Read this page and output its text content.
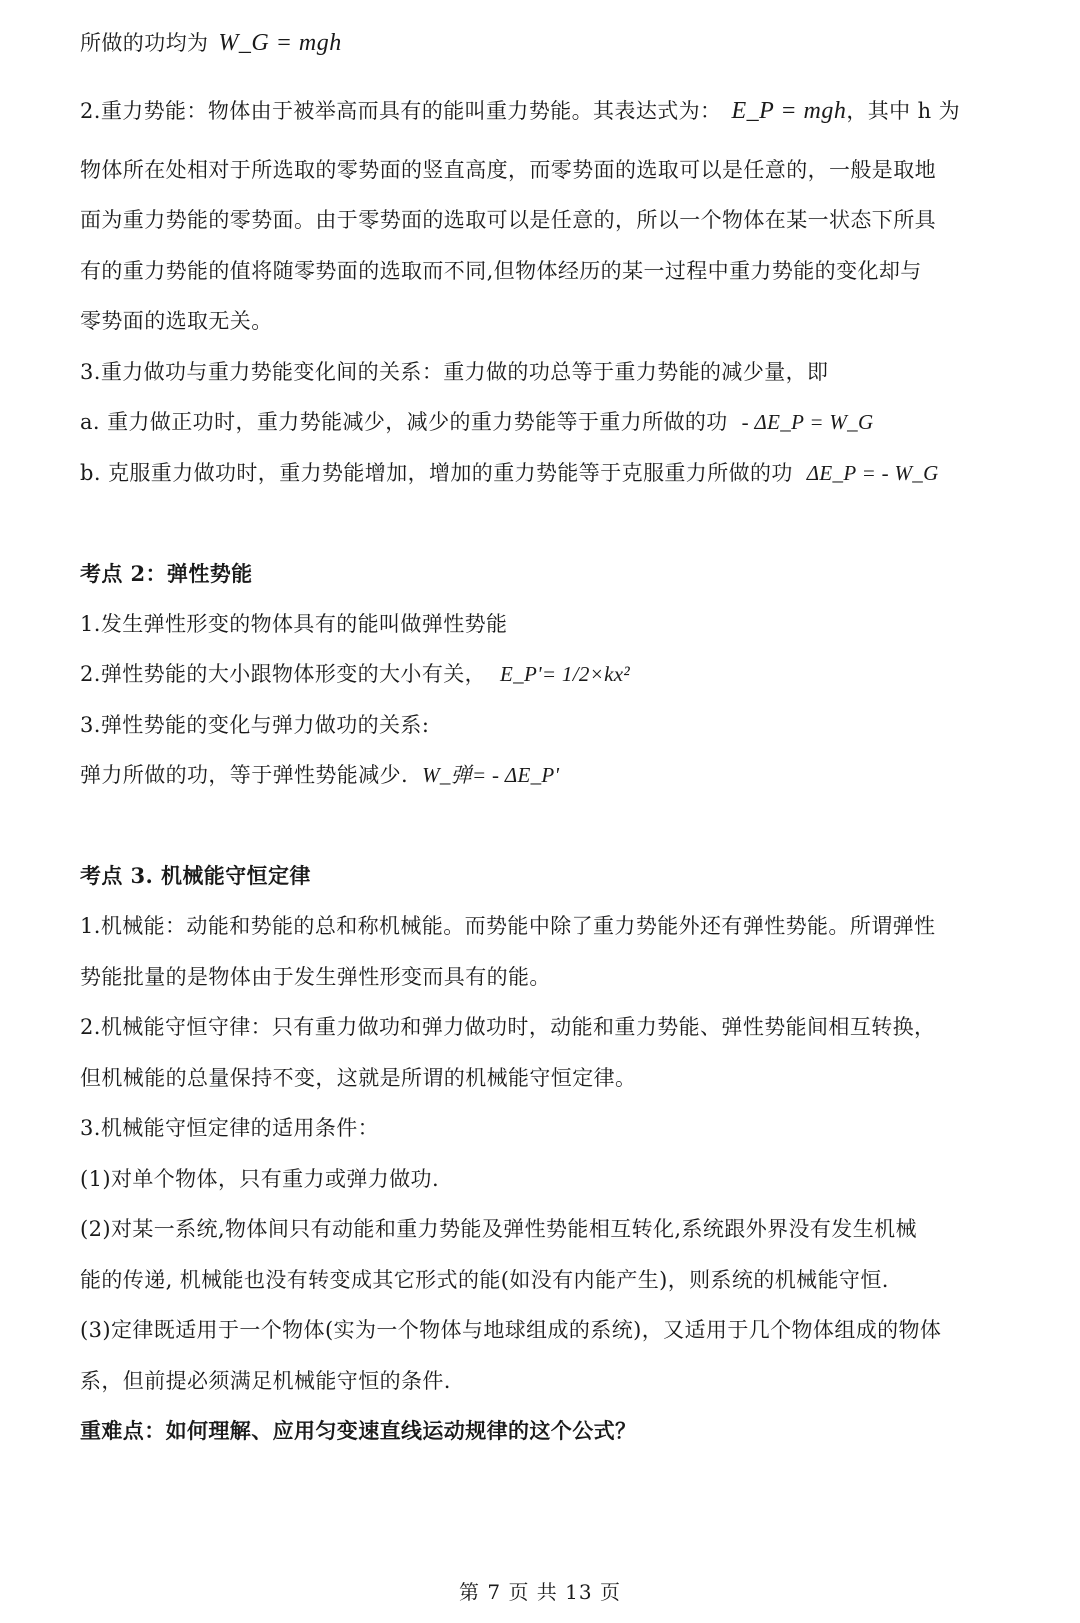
所做的功均为 W_G = mgh
2.重力势能：物体由于被举高而具有的能叫重力势能。其表达式为： E_P = mgh，其中 h 为
物体所在处相对于所选取的零势面的竖直高度，而零势面的选取可以是任意的，一般是取地
面为重力势能的零势面。由于零势面的选取可以是任意的，所以一个物体在某一状态下所具
有的重力势能的值将随零势面的选取而不同,但物体经历的某一过程中重力势能的变化却与
零势面的选取无关。
3.重力做功与重力势能变化间的关系：重力做的功总等于重力势能的减少量，即
a. 重力做正功时，重力势能减少，减少的重力势能等于重力所做的功 - ΔE_P = W_G
b. 克服重力做功时，重力势能增加，增加的重力势能等于克服重力所做的功 ΔE_P = - W_G
考点 2：弹性势能
1.发生弹性形变的物体具有的能叫做弹性势能
2.弹性势能的大小跟物体形变的大小有关， E_P'= 1/2×kx²
3.弹性势能的变化与弹力做功的关系:
弹力所做的功，等于弹性势能减少. W_弹= - ΔE_P'
考点 3. 机械能守恒定律
1.机械能：动能和势能的总和称机械能。而势能中除了重力势能外还有弹性势能。所谓弹性
势能批量的是物体由于发生弹性形变而具有的能。
2.机械能守恒守律：只有重力做功和弹力做功时，动能和重力势能、弹性势能间相互转换，
但机械能的总量保持不变，这就是所谓的机械能守恒定律。
3.机械能守恒定律的适用条件：
(1)对单个物体，只有重力或弹力做功.
(2)对某一系统,物体间只有动能和重力势能及弹性势能相互转化,系统跟外界没有发生机械
能的传递, 机械能也没有转变成其它形式的能(如没有内能产生)，则系统的机械能守恒.
(3)定律既适用于一个物体(实为一个物体与地球组成的系统)，又适用于几个物体组成的物体
系，但前提必须满足机械能守恒的条件.
重难点：如何理解、应用匀变速直线运动规律的这个公式？
第 7 页 共 13 页
